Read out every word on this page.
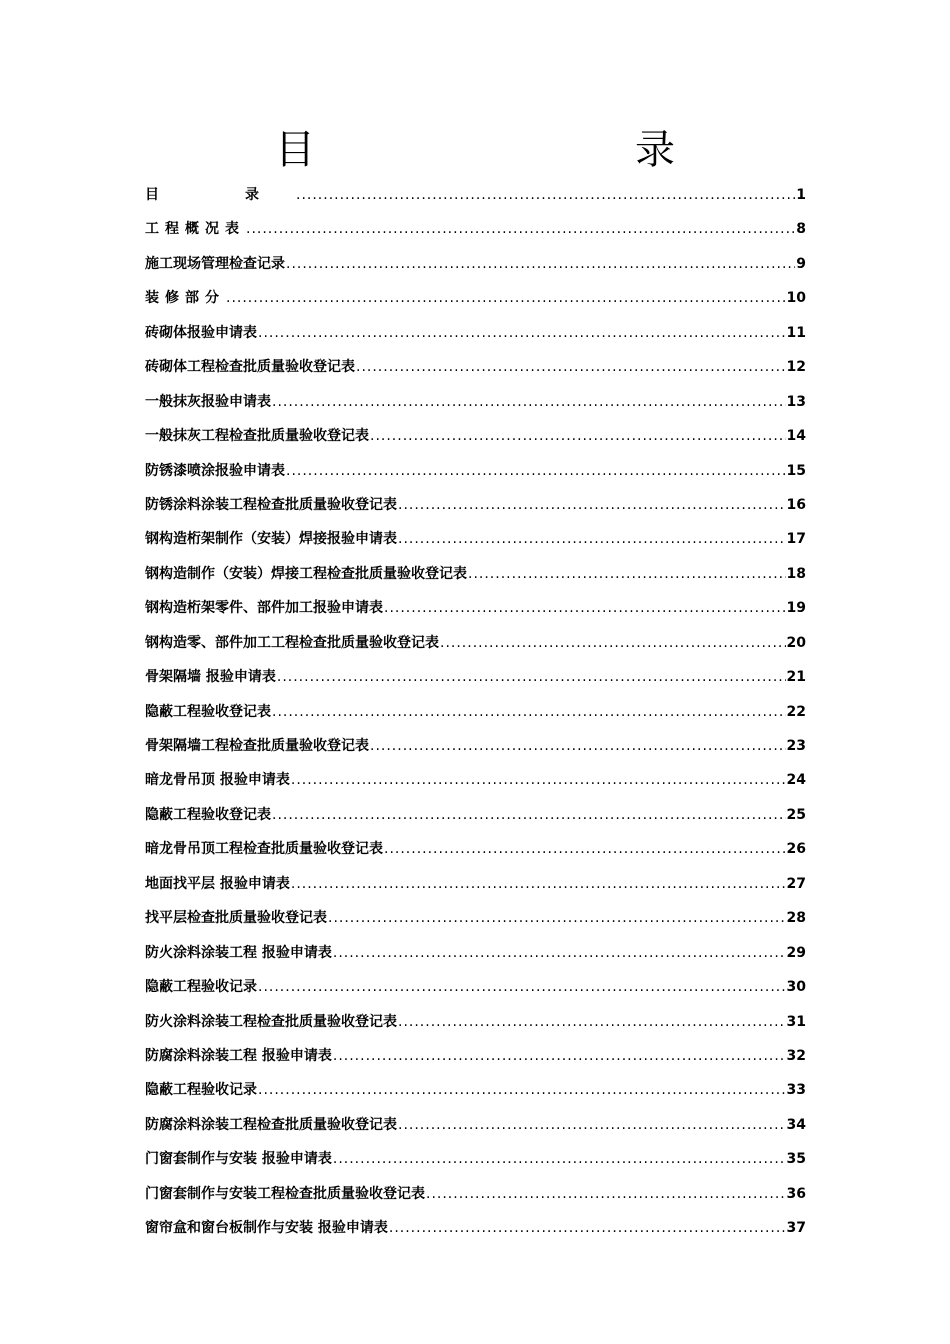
目　　录
目　录 .....	1
工程概况表 .....	8
施工现场管理检查记录 .....	9
装修部分 .....	10
砖砌体报验申请表 .....	11
砖砌体工程检查批质量验收登记表 .....	12
一般抹灰报验申请表 .....	13
一般抹灰工程检查批质量验收登记表 .....	14
防锈漆喷涂报验申请表 .....	15
防锈涂料涂装工程检查批质量验收登记表 .....	16
钢构造桁架制作（安装）焊接报验申请表 .....	17
钢构造制作（安装）焊接工程检查批质量验收登记表 .....	18
钢构造桁架零件、部件加工报验申请表 .....	19
钢构造零、部件加工工程检查批质量验收登记表 .....	20
骨架隔墙 报验申请表 .....	21
隐蔽工程验收登记表 .....	22
骨架隔墙工程检查批质量验收登记表 .....	23
暗龙骨吊顶 报验申请表 .....	24
隐蔽工程验收登记表 .....	25
暗龙骨吊顶工程检查批质量验收登记表 .....	26
地面找平层 报验申请表 .....	27
找平层检查批质量验收登记表 .....	28
防火涂料涂装工程 报验申请表 .....	29
隐蔽工程验收记录 .....	30
防火涂料涂装工程检查批质量验收登记表 .....	31
防腐涂料涂装工程 报验申请表 .....	32
隐蔽工程验收记录 .....	33
防腐涂料涂装工程检查批质量验收登记表 .....	34
门窗套制作与安装 报验申请表 .....	35
门窗套制作与安装工程检查批质量验收登记表 .....	36
窗帘盒和窗台板制作与安装 报验申请表 .....	37
